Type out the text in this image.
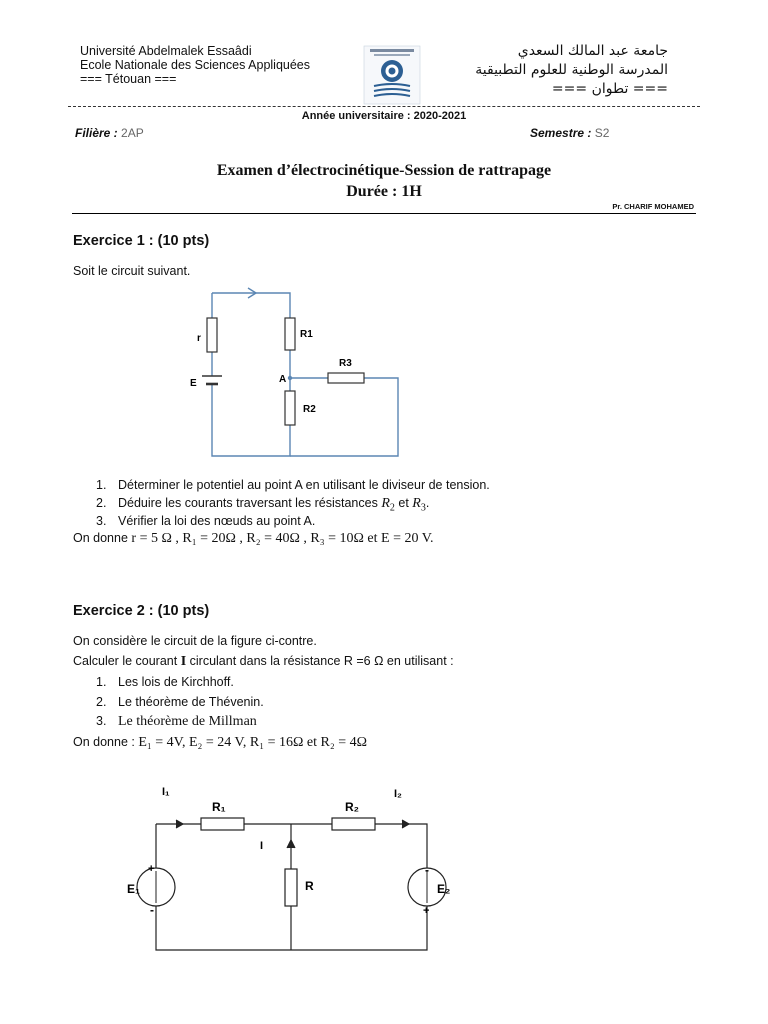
Université Abdelmalek Essaâdi
Ecole Nationale des Sciences Appliquées
=== Tétouan ===
جامعة عبد المالك السعدي
المدرسة الوطنية للعلوم التطبيقية
=== تطوان ===
Année universitaire : 2020-2021
Filière : 2AP	Semestre : S2
Examen d’électrocinétique-Session de rattrapage
Durée : 1H
Pr. CHARIF MOHAMED
Exercice 1 : (10 pts)
Soit le circuit suivant.
r
E	A
R1
R2
R3
I₁	I₂
R₁	R₂
I
R
E₁	E₂
+
-
-
+
1. Déterminer le potentiel au point A en utilisant le diviseur de tension.
2. Déduire les courants traversant les résistances $R_2$ et $R_3$.
3. Vérifier la loi des nœuds au point A.
On donne r = 5 Ω , R₁ = 20Ω , R₂ = 40Ω , R₃ = 10Ω et E = 20 V.
Exercice 2 : (10 pts)
On considère le circuit de la figure ci-contre.
Calculer le courant I circulant dans la résistance R =6 Ω en utilisant :
1. Les lois de Kirchhoff.
2. Le théorème de Thévenin.
3. Le théorème de Millman
On donne : E₁ = 4V, E₂ = 24 V, R₁ = 16Ω et R₂ = 4Ω
